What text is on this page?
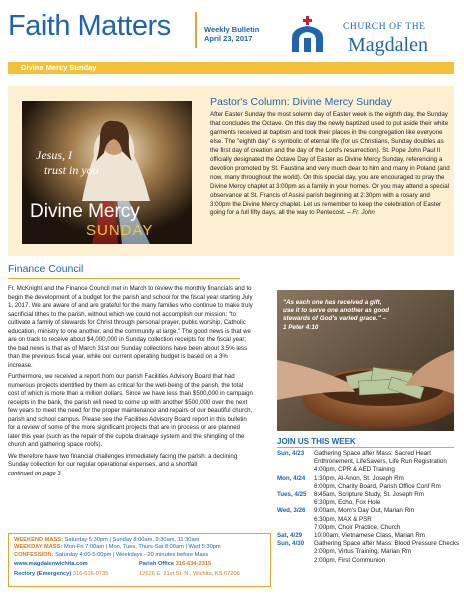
Faith Matters	Weekly Bulletin
April 23, 2017
CHURCH OF THE
Magdalen
Divine Mercy Sunday
Jesus, I
trust in you
Divine Mercy
SUNDAY
Pastor's Column: Divine Mercy Sunday
After Easter Sunday the most solemn day of Easter week is the eighth day, the Sunday that concludes the Octave. On this day the newly baptized used to put aside their white garments received at baptism and took their places in the congregation like everyone else. The "eighth day" is symbolic of eternal life (for us Christians, Sunday doubles as the first day of creation and the day of the Lord's resurrection). St. Pope John Paul II officially designated the Octave Day of Easter as Divine Mercy Sunday, referencing a devotion promoted by St. Faustina and very much dear to him and many in Poland (and now, many throughout the world). On this special day, you are encouraged to pray the Divine Mercy chaplet at 3:00pm as a family in your homes. Or you may attend a special observance at St. Francis of Assisi parish beginning at 2:30pm with a rosary and 3:00pm the Divine Mercy chaplet. Let us remember to keep the celebration of Easter going for a full fifty days, all the way to Pentecost. – Fr. John
Finance Council

Fr. McKnight and the Finance Council met in March to review the monthly financials and to begin the development of a budget for the parish and school for the fiscal year starting July 1, 2017. We are aware of and are grateful for the many families who continue to make truly sacrificial tithes to the parish, without which we could not accomplish our mission: "to cultivate a family of stewards for Christ through personal prayer, public worship, Catholic education, ministry to one another, and the community at large." The good news is that we are on track to receive about $4,000,000 in Sunday collection receipts for the fiscal year; the bad news is that as of March 31st our Sunday collections have been about 3.5% less than the previous fiscal year, while our current operating budget is based on a 3% increase.

Furthermore, we received a report from our parish Facilities Advisory Board that had numerous projects identified by them as critical for the well-being of the parish, the total cost of which is more than a million dollars. Since we have less than $500,000 in campaign receipts in the bank, the parish will need to come up with another $500,000 over the next few years to meet the need for the proper maintenance and repairs of our beautiful church, parish and school campus. Please see the Facilities Advisory Board report in this bulletin for a review of some of the more significant projects that are in process or are planned later this year (such as the repair of the cupola drainage system and the shingling of the church and gathering space roofs).

We therefore have two financial challenges immediately facing the parish: a declining Sunday collection for our regular operational expenses, and a shortfall

continued on page 3
"As each one has received a gift, use it to serve one another as good stewards of God's varied grace." – 1 Peter 4:10
JOIN US THIS WEEK
Sun, 4/23	Gathering Space after Mass: Sacred Heart
Enthronement, LifeSavers, Life Run Registration
4:00pm, CPR & AED Training
Mon, 4/24	1:30pm, Al-Anon, St. Joseph Rm
6:00pm, Charity Board, Parish Office Conf Rm
Tues, 4/25	8:45am, Scripture Study, St. Joseph Rm
6:30pm, Echo, Fox Hole
Wed, 3/26	9:00am, Mom's Day Out, Marian Rm
6:30pm, MAX & PSR
7:00pm, Choir Practice, Church
Sat, 4/29	10:00am, Vietnamese Class, Marian Rm
Sun, 4/30	Gathering Space after Mass: Blood Pressure Checks
2:00pm, Virtus Training, Marian Rm
2:00pm, First Communion
WEEKEND MASS: Saturday 5:30pm | Sunday 8:00am, 9:30am, 11:30am
WEEKDAY MASS: Mon-Fri 7:00am | Mon, Tues, Thurs-Sat 8:00am | Wed 5:30pm
CONFESSION: Saturday 4:00-5:00pm | Weekdays - 20 minutes before Mass
www.magdalenwichita.com	Parish Office 316-634-2315
Rectory (Emergency) 316-616-0735	12626 E. 21st St. N., Wichita, KS 67206
